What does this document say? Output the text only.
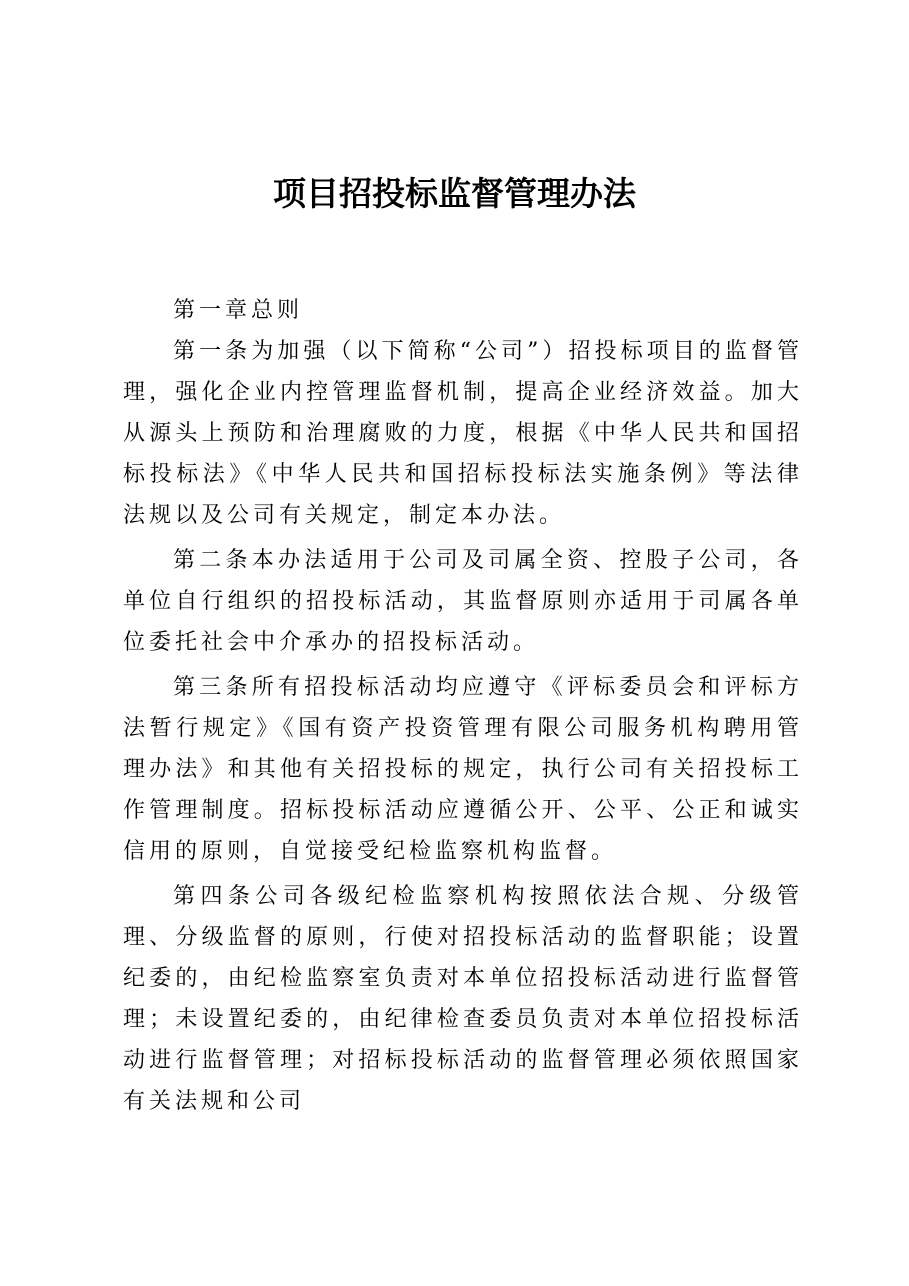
项目招投标监督管理办法

第一章总则

第一条为加强（以下简称“公司”）招投标项目的监督管理，强化企业内控管理监督机制，提高企业经济效益。加大从源头上预防和治理腐败的力度，根据《中华人民共和国招标投标法》《中华人民共和国招标投标法实施条例》等法律法规以及公司有关规定，制定本办法。

第二条本办法适用于公司及司属全资、控股子公司，各单位自行组织的招投标活动，其监督原则亦适用于司属各单位委托社会中介承办的招投标活动。

第三条所有招投标活动均应遵守《评标委员会和评标方法暂行规定》《国有资产投资管理有限公司服务机构聘用管理办法》和其他有关招投标的规定，执行公司有关招投标工作管理制度。招标投标活动应遵循公开、公平、公正和诚实信用的原则，自觉接受纪检监察机构监督。

第四条公司各级纪检监察机构按照依法合规、分级管理、分级监督的原则，行使对招投标活动的监督职能；设置纪委的，由纪检监察室负责对本单位招投标活动进行监督管理；未设置纪委的，由纪律检查委员负责对本单位招投标活动进行监督管理；对招标投标活动的监督管理必须依照国家有关法规和公司
